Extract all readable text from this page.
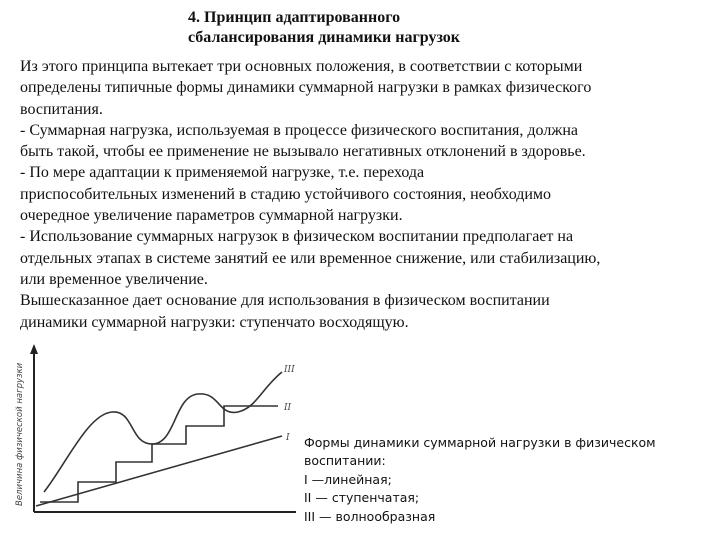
4. Принцип адаптированного
сбалансирования динамики нагрузок
Из этого принципа вытекает три основных положения, в соответствии с которыми
определены типичные формы динамики суммарной нагрузки в рамках физического
воспитания.
- Суммарная нагрузка, используемая в процессе физического воспитания, должна
быть такой, чтобы ее применение не вызывало негативных отклонений в здоровье.
- По мере адаптации к применяемой нагрузке, т.е. перехода
приспособительных изменений в стадию устойчивого состояния, необходимо
очередное увеличение параметров суммарной нагрузки.
- Использование суммарных нагрузок в физическом воспитании предполагает на
отдельных этапах в системе занятий ее или временное снижение, или стабилизацию,
или временное увеличение.
Вышесказанное дает основание для использования в физическом воспитании
динамики суммарной нагрузки: ступенчато восходящую.
Величина физической нагрузки	III
II
I Формы динамики суммарной нагрузки в физическом
воспитании:
I —линейная;
II — ступенчатая;
III — волнообразная
